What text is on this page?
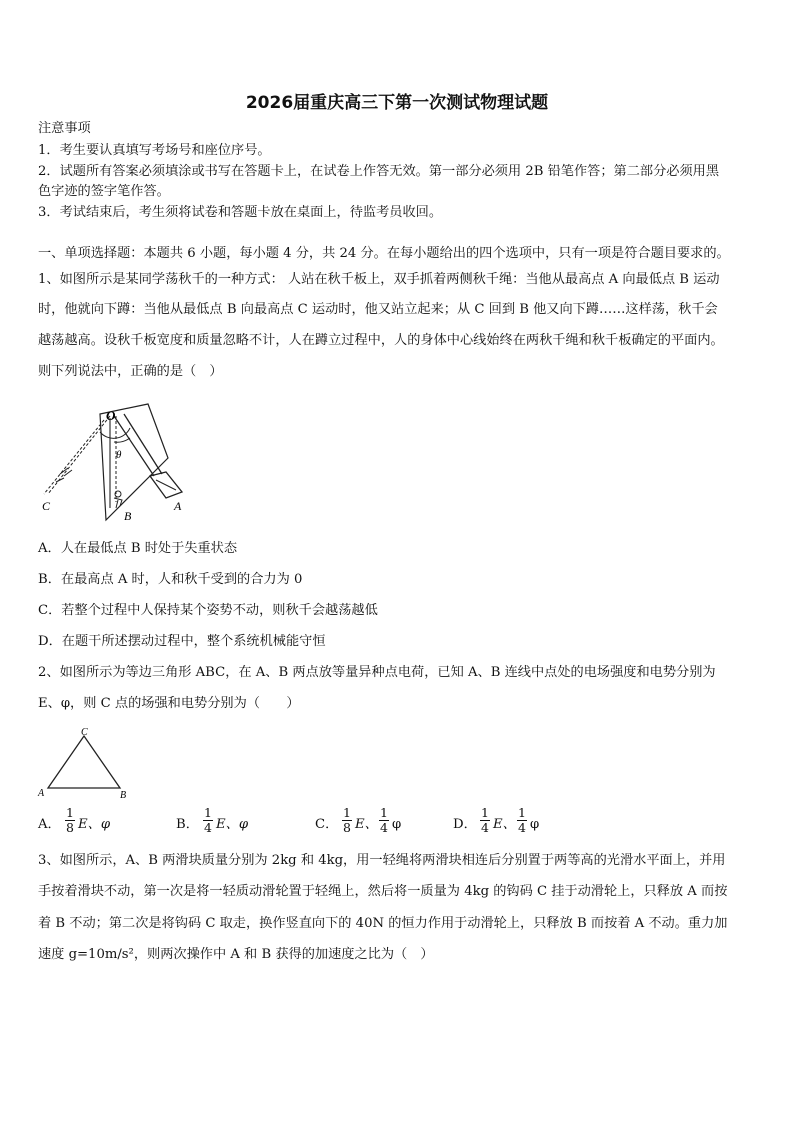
2026届重庆高三下第一次测试物理试题
注意事项
1．考生要认真填写考场号和座位序号。
2．试题所有答案必须填涂或书写在答题卡上，在试卷上作答无效。第一部分必须用 2B 铅笔作答；第二部分必须用黑
色字迹的签字笔作答。
3．考试结束后，考生须将试卷和答题卡放在桌面上，待监考员收回。
一、单项选择题：本题共 6 小题，每小题 4 分，共 24 分。在每小题给出的四个选项中，只有一项是符合题目要求的。
1、如图所示是某同学荡秋千的一种方式： 人站在秋千板上，双手抓着两侧秋千绳：当他从最高点 A 向最低点 B 运动
时，他就向下蹲：当他从最低点 B 向最高点 C 运动时，他又站立起来；从 C 回到 B 他又向下蹲……这样荡，秋千会
越荡越高。设秋千板宽度和质量忽略不计，人在蹲立过程中，人的身体中心线始终在两秋千绳和秋千板确定的平面内。
则下列说法中，正确的是（　）
O
θ
A
B
C
A．人在最低点 B 时处于失重状态
B．在最高点 A 时，人和秋千受到的合力为 0
C．若整个过程中人保持某个姿势不动，则秋千会越荡越低
D．在题干所述摆动过程中，整个系统机械能守恒
2、如图所示为等边三角形 ABC，在 A、B 两点放等量异种点电荷，已知 A、B 连线中点处的电场强度和电势分别为
E、φ，则 C 点的场强和电势分别为（　　）
C
A	B
A．
1
8 E、φ	B．
1
4 E、φ	C．
1
8 E、
1
4 φ	D．
1
4 E、
1
4 φ
3、如图所示，A、B 两滑块质量分别为 2kg 和 4kg，用一轻绳将两滑块相连后分别置于两等高的光滑水平面上，并用
手按着滑块不动，第一次是将一轻质动滑轮置于轻绳上，然后将一质量为 4kg 的钩码 C 挂于动滑轮上，只释放 A 而按
着 B 不动；第二次是将钩码 C 取走，换作竖直向下的 40N 的恒力作用于动滑轮上，只释放 B 而按着 A 不动。重力加
速度 g=10m/s²，则两次操作中 A 和 B 获得的加速度之比为（　）
